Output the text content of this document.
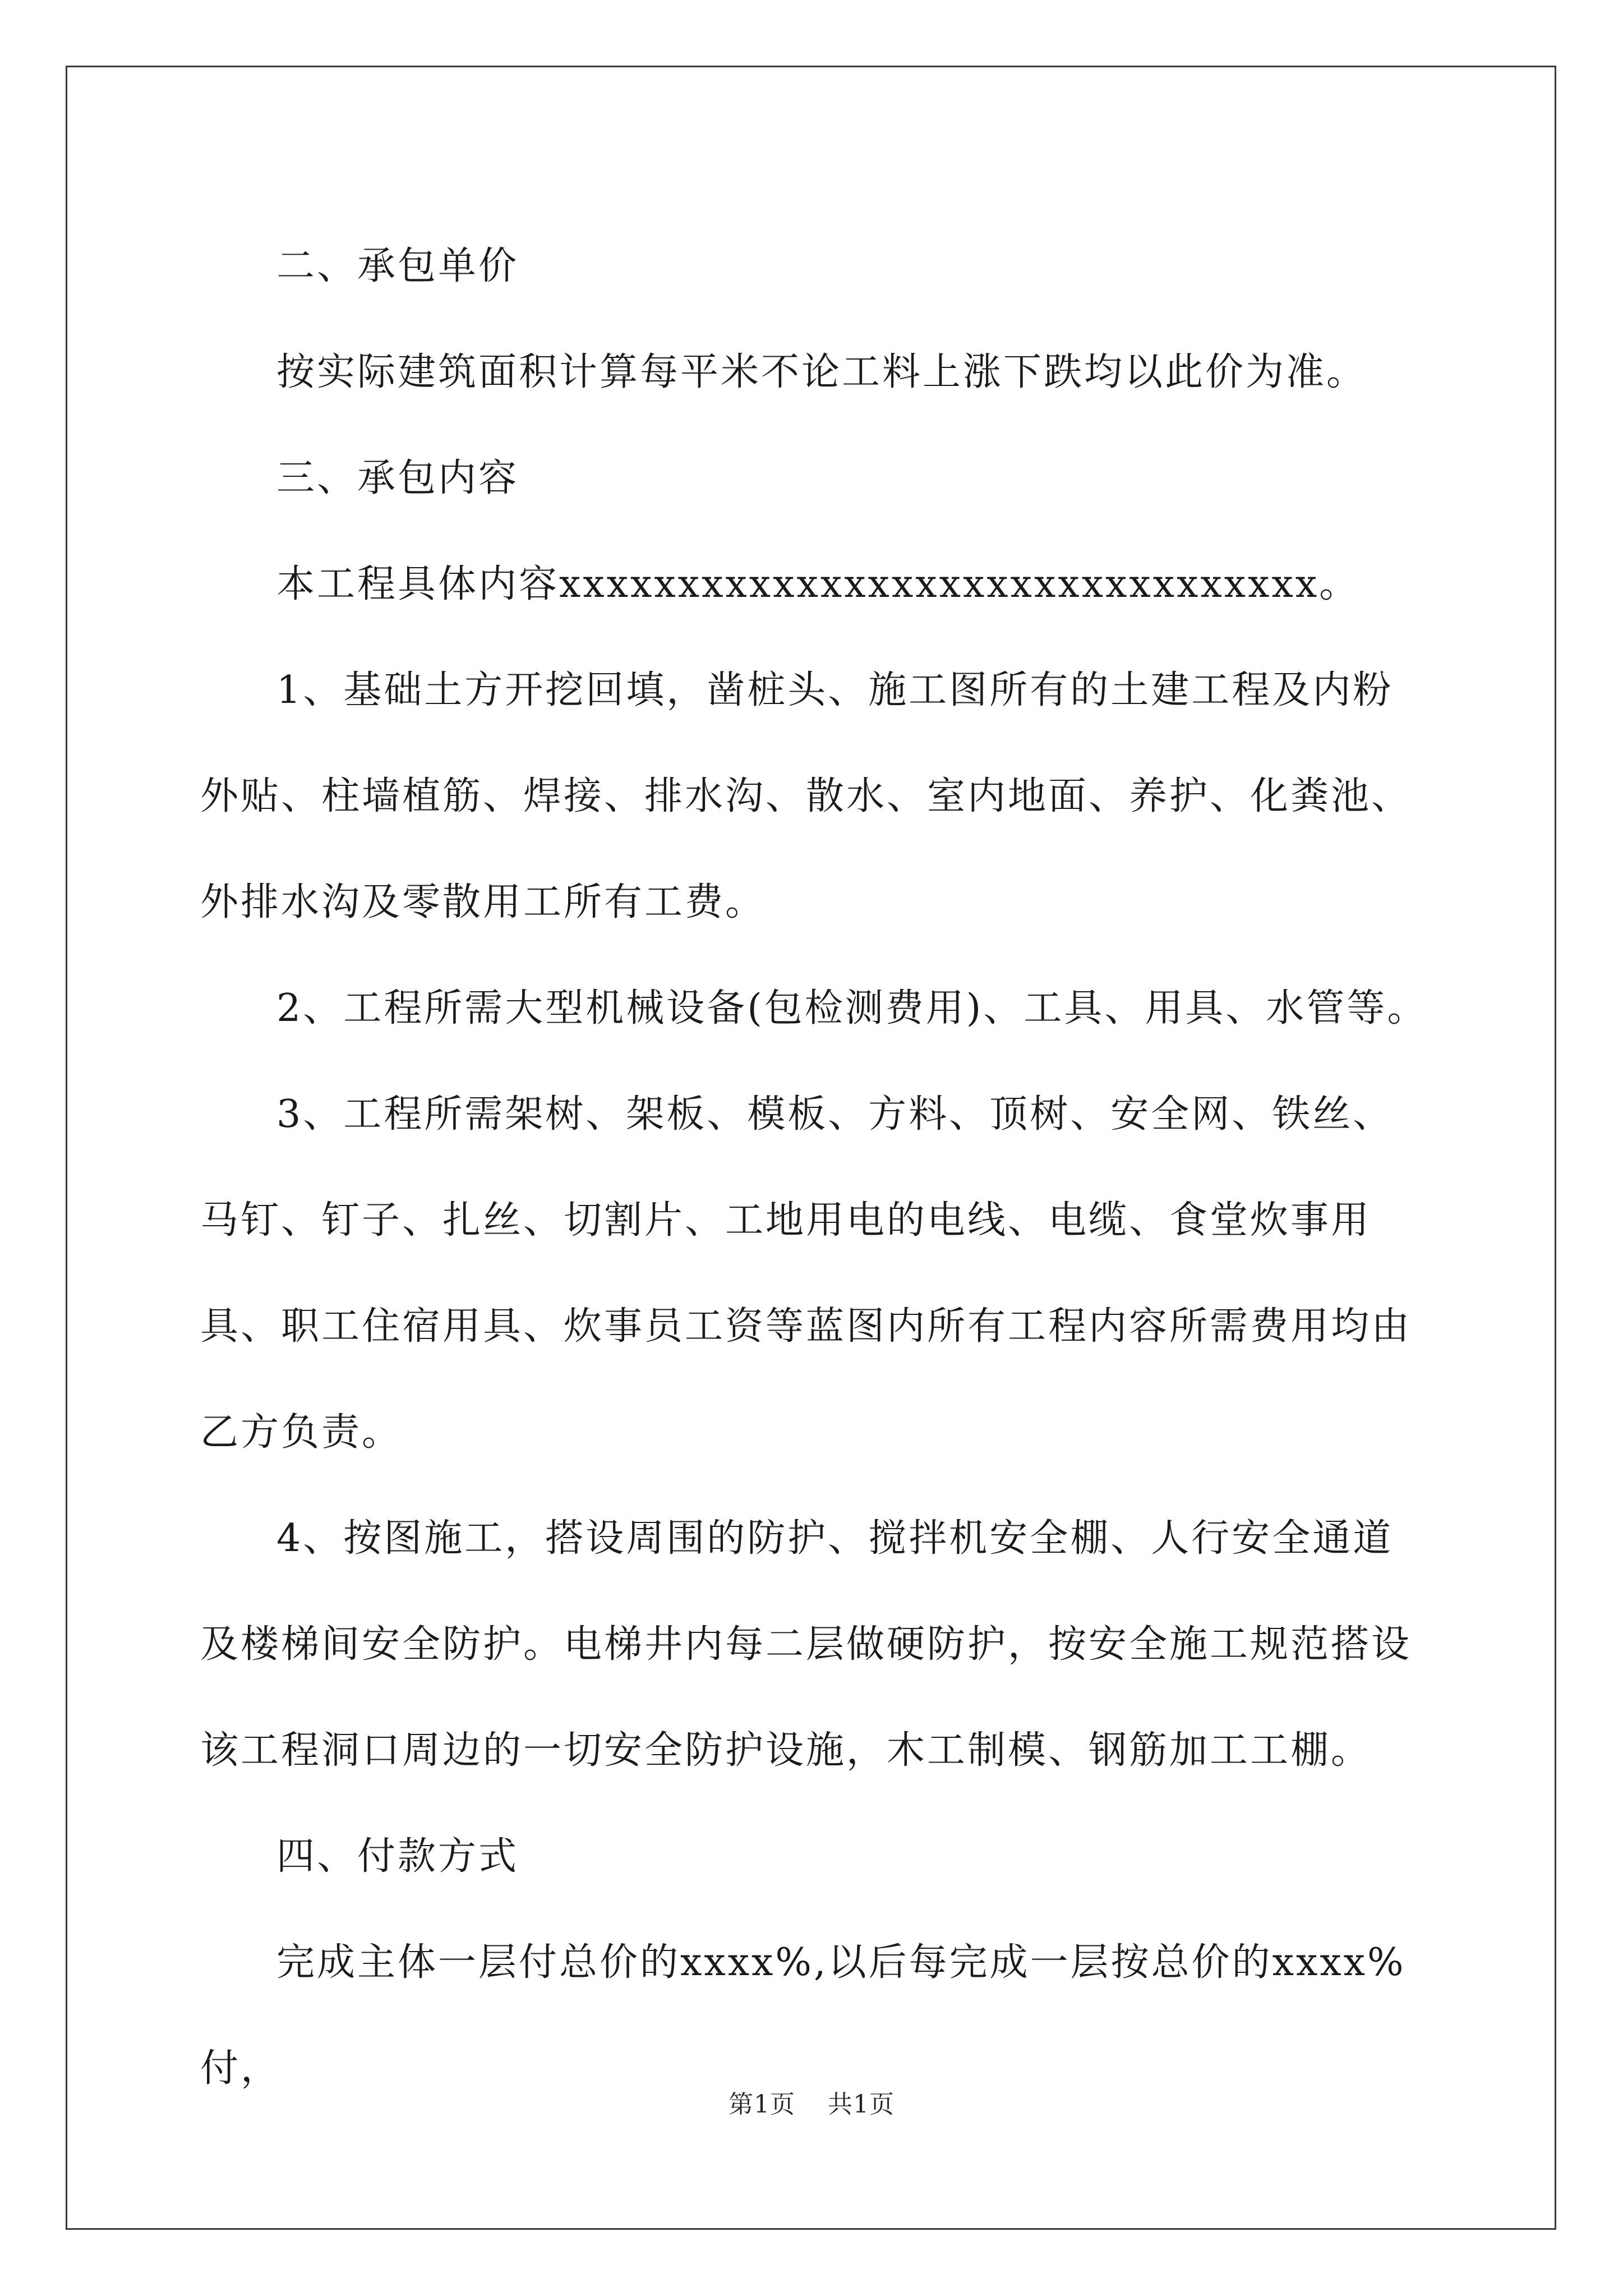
二、承包单价

按实际建筑面积计算每平米不论工料上涨下跌均以此价为准。

三、承包内容

本工程具体内容xxxxxxxxxxxxxxxxxxxxxxxxxxxxxxxx。

1、基础土方开挖回填，凿桩头、施工图所有的土建工程及内粉外贴、柱墙植筋、焊接、排水沟、散水、室内地面、养护、化粪池、外排水沟及零散用工所有工费。

2、工程所需大型机械设备(包检测费用)、工具、用具、水管等。

3、工程所需架树、架板、模板、方料、顶树、安全网、铁丝、马钉、钉子、扎丝、切割片、工地用电的电线、电缆、食堂炊事用具、职工住宿用具、炊事员工资等蓝图内所有工程内容所需费用均由乙方负责。

4、按图施工，搭设周围的防护、搅拌机安全棚、人行安全通道及楼梯间安全防护。电梯井内每二层做硬防护，按安全施工规范搭设该工程洞口周边的一切安全防护设施，木工制模、钢筋加工工棚。

四、付款方式

完成主体一层付总价的xxxx%,以后每完成一层按总价的xxxx%付，

第1页 共1页
